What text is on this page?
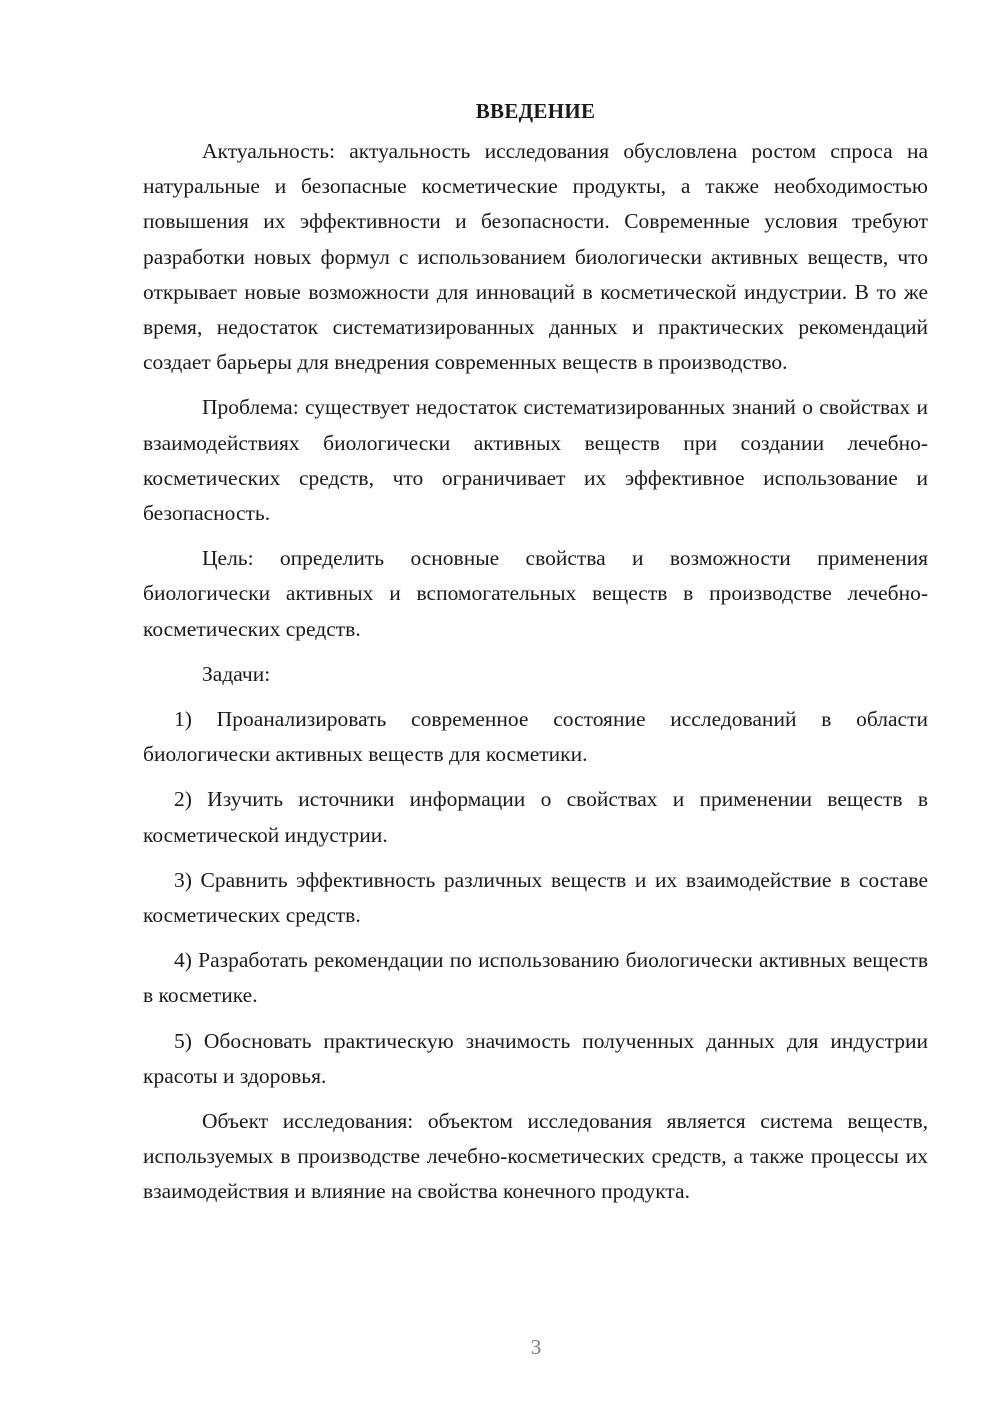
ВВЕДЕНИЕ

Актуальность: актуальность исследования обусловлена ростом спроса на натуральные и безопасные косметические продукты, а также необходимостью повышения их эффективности и безопасности. Современные условия требуют разработки новых формул с использованием биологически активных веществ, что открывает новые возможности для инноваций в косметической индустрии. В то же время, недостаток систематизированных данных и практических рекомендаций создает барьеры для внедрения современных веществ в производство.

Проблема: существует недостаток систематизированных знаний о свойствах и взаимодействиях биологически активных веществ при создании лечебно-косметических средств, что ограничивает их эффективное использование и безопасность.

Цель: определить основные свойства и возможности применения биологически активных и вспомогательных веществ в производстве лечебно-косметических средств.

Задачи:

1) Проанализировать современное состояние исследований в области биологически активных веществ для косметики.

2) Изучить источники информации о свойствах и применении веществ в косметической индустрии.

3) Сравнить эффективность различных веществ и их взаимодействие в составе косметических средств.

4) Разработать рекомендации по использованию биологически активных веществ в косметике.

5) Обосновать практическую значимость полученных данных для индустрии красоты и здоровья.

Объект исследования: объектом исследования является система веществ, используемых в производстве лечебно-косметических средств, а также процессы их взаимодействия и влияние на свойства конечного продукта.

3
